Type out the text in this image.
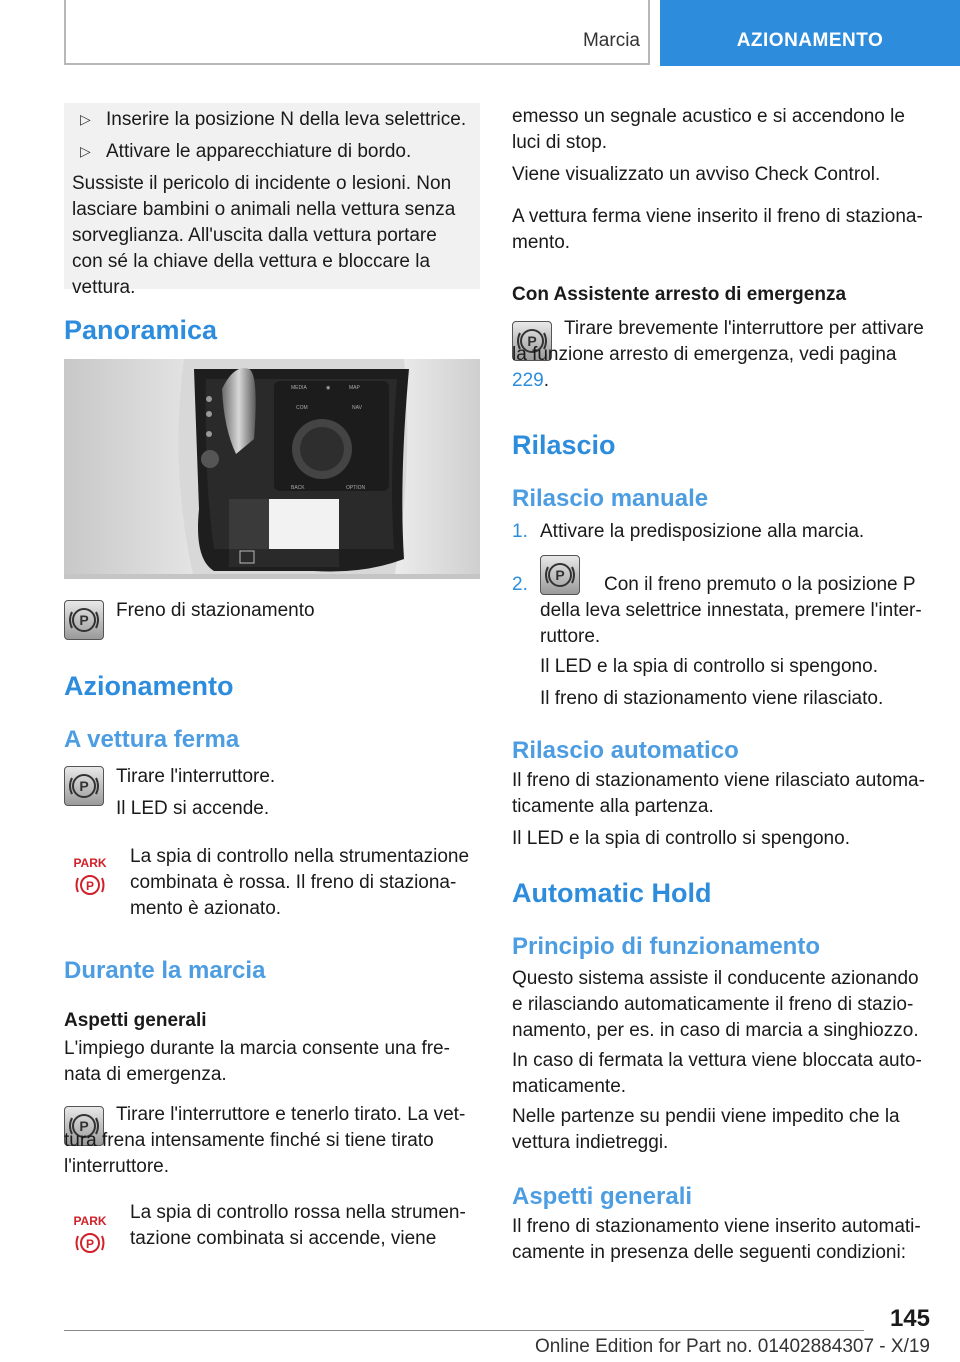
Marcia	AZIONAMENTO
▷ Inserire la posizione N della leva selettrice.
▷ Attivare le apparecchiature di bordo.
Sussiste il pericolo di incidente o lesioni. Non lasciare bambini o animali nella vettura senza sorveglianza. All'uscita dalla vettura portare con sé la chiave della vettura e bloccare la vettura.
Panoramica
MEDIA	◉	MAP
COM	NAV
BACK	OPTION
P Freno di stazionamento
Azionamento
A vettura ferma
P Tirare l'interruttore.
Il LED si accende.
PARK
P
La spia di controllo nella strumentazione combinata è rossa. Il freno di stazionamento è azionato.
Durante la marcia
Aspetti generali
L'impiego durante la marcia consente una frenata di emergenza.
P
Tirare l'interruttore e tenerlo tirato. La vettura frena intensamente finché si tiene tirato l'interruttore.
PARK
P
La spia di controllo rossa nella strumentazione combinata si accende, viene
emesso un segnale acustico e si accendono le luci di stop.
Viene visualizzato un avviso Check Control.
A vettura ferma viene inserito il freno di stazionamento.
Con Assistente arresto di emergenza
P
Tirare brevemente l'interruttore per attivare la funzione arresto di emergenza, vedi pagina 229.
Rilascio
Rilascio manuale
1. Attivare la predisposizione alla marcia.
2. P Con il freno premuto o la posizione P
della leva selettrice innestata, premere l'interruttore.
Il LED e la spia di controllo si spengono.
Il freno di stazionamento viene rilasciato.
Rilascio automatico
Il freno di stazionamento viene rilasciato automaticamente alla partenza.
Il LED e la spia di controllo si spengono.
Automatic Hold
Principio di funzionamento
Questo sistema assiste il conducente azionando e rilasciando automaticamente il freno di stazionamento, per es. in caso di marcia a singhiozzo.
In caso di fermata la vettura viene bloccata automaticamente.
Nelle partenze su pendii viene impedito che la vettura indietreggi.
Aspetti generali
Il freno di stazionamento viene inserito automaticamente in presenza delle seguenti condizioni:
145
Online Edition for Part no. 01402884307 - X/19
